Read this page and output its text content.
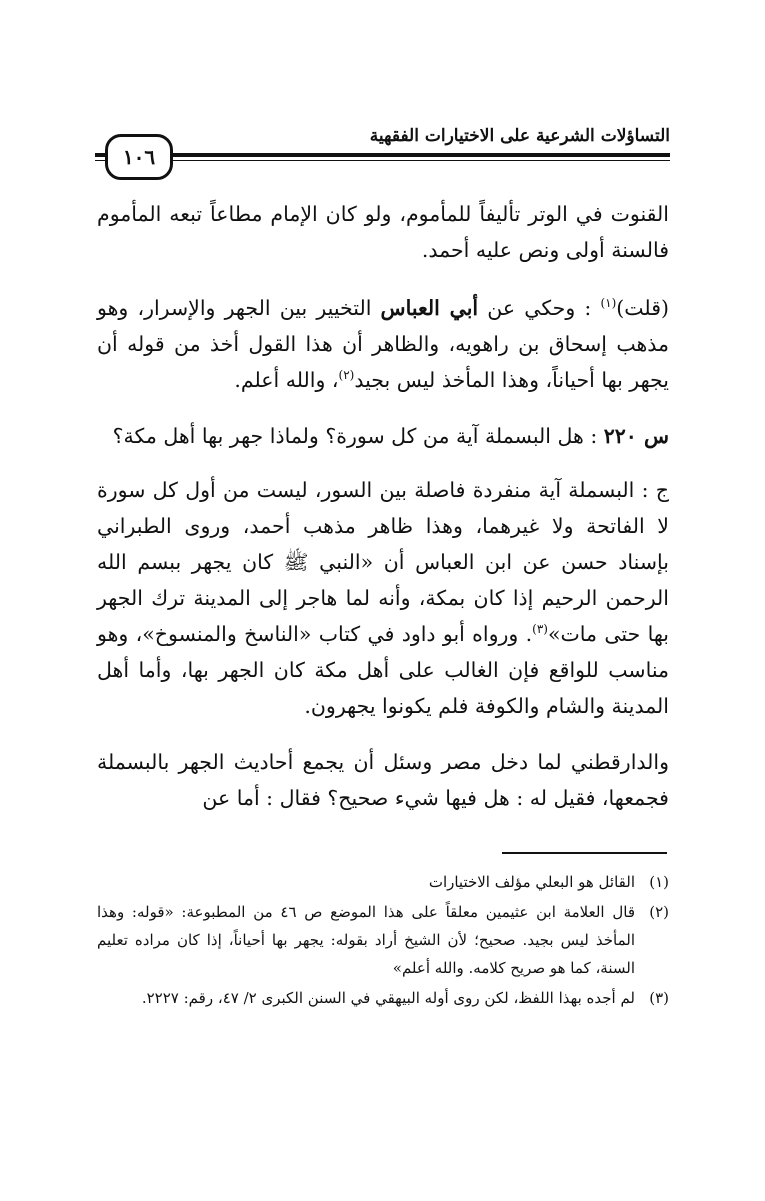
التساؤلات الشرعية على الاختيارات الفقهية
١٠٦

القنوت في الوتر تأليفاً للمأموم، ولو كان الإمام مطاعاً تبعه المأموم فالسنة أولى ونص عليه أحمد.

(قلت)$^{(١)}$ : وحكي عن أبي العباس التخيير بين الجهر والإسرار، وهو مذهب إسحاق بن راهويه، والظاهر أن هذا القول أخذ من قوله أن يجهر بها أحياناً، وهذا المأخذ ليس بجيد$^{(٢)}$، والله أعلم.

س ٢٢٠ : هل البسملة آية من كل سورة؟ ولماذا جهر بها أهل مكة؟

ج : البسملة آية منفردة فاصلة بين السور، ليست من أول كل سورة لا الفاتحة ولا غيرهما، وهذا ظاهر مذهب أحمد، وروى الطبراني بإسناد حسن عن ابن العباس أن «النبي ﷺ كان يجهر ببسم الله الرحمن الرحيم إذا كان بمكة، وأنه لما هاجر إلى المدينة ترك الجهر بها حتى مات»$^{(٣)}$. ورواه أبو داود في كتاب «الناسخ والمنسوخ»، وهو مناسب للواقع فإن الغالب على أهل مكة كان الجهر بها، وأما أهل المدينة والشام والكوفة فلم يكونوا يجهرون.

والدارقطني لما دخل مصر وسئل أن يجمع أحاديث الجهر بالبسملة فجمعها، فقيل له : هل فيها شيء صحيح؟ فقال : أما عن

(١)
القائل هو البعلي مؤلف الاختيارات
(٢)
قال العلامة ابن عثيمين معلقاً على هذا الموضع ص ٤٦ من المطبوعة: «قوله: وهذا المأخذ ليس بجيد. صحيح؛ لأن الشيخ أراد بقوله: يجهر بها أحياناً، إذا كان مراده تعليم السنة، كما هو صريح كلامه. والله أعلم»
(٣)
لم أجده بهذا اللفظ، لكن روى أوله البيهقي في السنن الكبرى ٢/ ٤٧، رقم: ٢٢٢٧.
